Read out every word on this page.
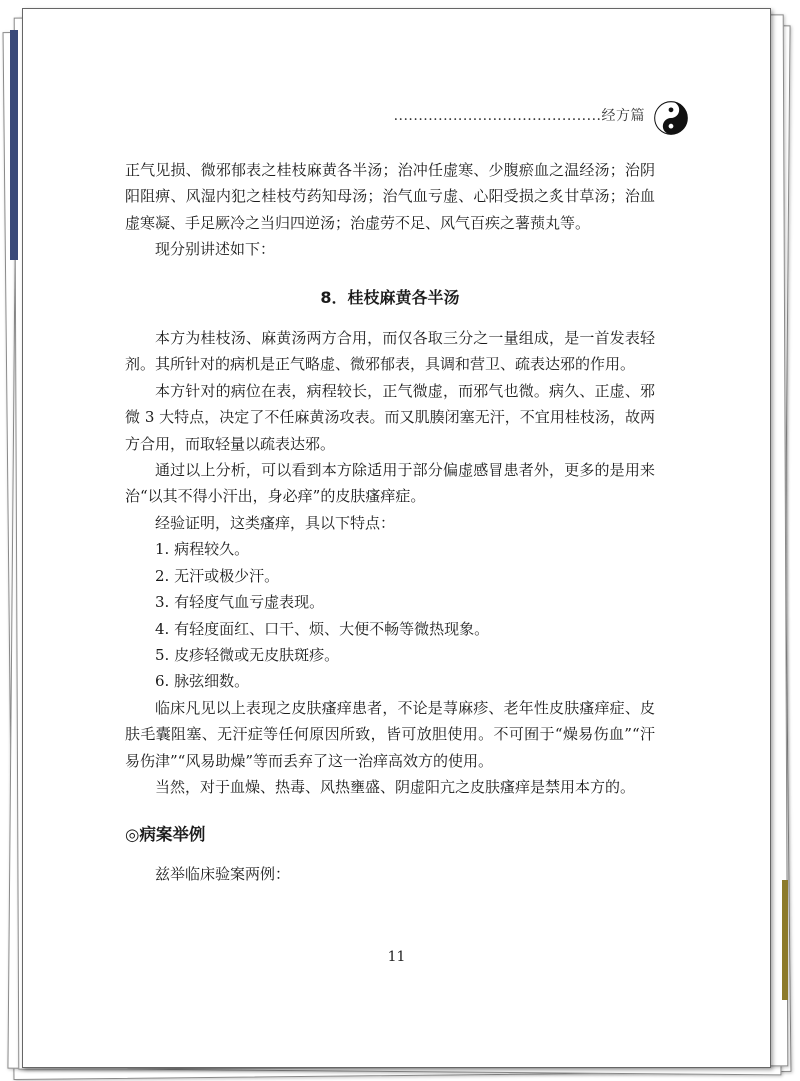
..........................................经方篇

正气见损、微邪郁表之桂枝麻黄各半汤；治冲任虚寒、少腹瘀血之温经汤；治阴阳阻痹、风湿内犯之桂枝芍药知母汤；治气血亏虚、心阳受损之炙甘草汤；治血虚寒凝、手足厥冷之当归四逆汤；治虚劳不足、风气百疾之薯蓣丸等。

现分别讲述如下：

8．桂枝麻黄各半汤

本方为桂枝汤、麻黄汤两方合用，而仅各取三分之一量组成，是一首发表轻剂。其所针对的病机是正气略虚、微邪郁表，具调和营卫、疏表达邪的作用。

本方针对的病位在表，病程较长，正气微虚，而邪气也微。病久、正虚、邪微 3 大特点，决定了不任麻黄汤攻表。而又肌腠闭塞无汗，不宜用桂枝汤，故两方合用，而取轻量以疏表达邪。

通过以上分析，可以看到本方除适用于部分偏虚感冒患者外，更多的是用来治“以其不得小汗出，身必痒”的皮肤瘙痒症。

经验证明，这类瘙痒，具以下特点：

1. 病程较久。

2. 无汗或极少汗。

3. 有轻度气血亏虚表现。

4. 有轻度面红、口干、烦、大便不畅等微热现象。

5. 皮疹轻微或无皮肤斑疹。

6. 脉弦细数。

临床凡见以上表现之皮肤瘙痒患者，不论是荨麻疹、老年性皮肤瘙痒症、皮肤毛囊阻塞、无汗症等任何原因所致，皆可放胆使用。不可囿于“燥易伤血”“汗易伤津”“风易助燥”等而丢弃了这一治痒高效方的使用。

当然，对于血燥、热毒、风热壅盛、阴虚阳亢之皮肤瘙痒是禁用本方的。

◎病案举例

兹举临床验案两例：

11
